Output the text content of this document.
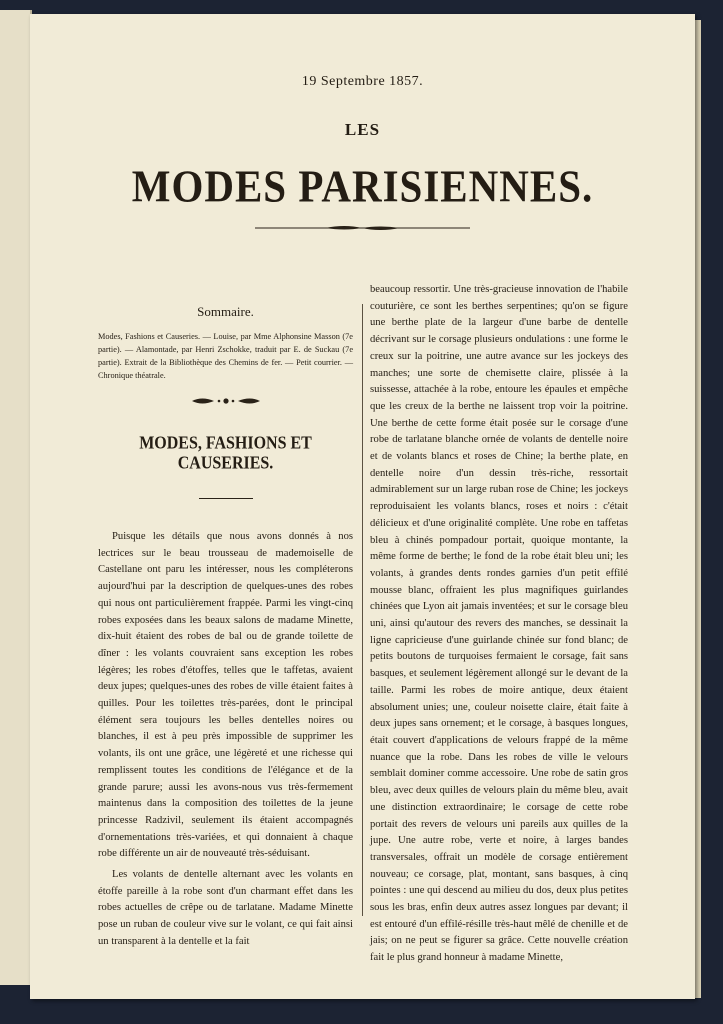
19 Septembre 1857.
LES
MODES PARISIENNES.
Sommaire.

Modes, Fashions et Causeries. — Louise, par Mme Alphonsine Masson (7e partie). — Alamontade, par Henri Zschokke, traduit par E. de Suckau (7e partie). Extrait de la Bibliothèque des Chemins de fer. — Petit courrier. — Chronique théatrale.

MODES, FASHIONS ET CAUSERIES.

Puisque les détails que nous avons donnés à nos lectrices sur le beau trousseau de mademoiselle de Castellane ont paru les intéresser, nous les compléterons aujourd'hui par la description de quelques-unes des robes qui nous ont particulièrement frappée. Parmi les vingt-cinq robes exposées dans les beaux salons de madame Minette, dix-huit étaient des robes de bal ou de grande toilette de dîner : les volants couvraient sans exception les robes légères; les robes d'étoffes, telles que le taffetas, avaient deux jupes; quelques-unes des robes de ville étaient faites à quilles. Pour les toilettes très-parées, dont le principal élément sera toujours les belles dentelles noires ou blanches, il est à peu près impossible de supprimer les volants, ils ont une grâce, une légèreté et une richesse qui remplissent toutes les conditions de l'élégance et de la grande parure; aussi les avons-nous vus très-fermement maintenus dans la composition des toilettes de la jeune princesse Radzivil, seulement ils étaient accompagnés d'ornementations très-variées, et qui donnaient à chaque robe différente un air de nouveauté très-séduisant.

Les volants de dentelle alternant avec les volants en étoffe pareille à la robe sont d'un charmant effet dans les robes actuelles de crêpe ou de tarlatane. Madame Minette pose un ruban de couleur vive sur le volant, ce qui fait ainsi un transparent à la dentelle et la fait

beaucoup ressortir. Une très-gracieuse innovation de l'habile couturière, ce sont les berthes serpentines; qu'on se figure une berthe plate de la largeur d'une barbe de dentelle décrivant sur le corsage plusieurs ondulations : une forme le creux sur la poitrine, une autre avance sur les jockeys des manches; une sorte de chemisette claire, plissée à la suissesse, attachée à la robe, entoure les épaules et empêche que les creux de la berthe ne laissent trop voir la poitrine. Une berthe de cette forme était posée sur le corsage d'une robe de tarlatane blanche ornée de volants de dentelle noire et de volants blancs et roses de Chine; la berthe plate, en dentelle noire d'un dessin très-riche, ressortait admirablement sur un large ruban rose de Chine; les jockeys reproduisaient les volants blancs, roses et noirs : c'était délicieux et d'une originalité complète. Une robe en taffetas bleu à chinés pompadour portait, quoique montante, la même forme de berthe; le fond de la robe était bleu uni; les volants, à grandes dents rondes garnies d'un petit effilé mousse blanc, offraient les plus magnifiques guirlandes chinées que Lyon ait jamais inventées; et sur le corsage bleu uni, ainsi qu'autour des revers des manches, se dessinait la ligne capricieuse d'une guirlande chinée sur fond blanc; de petits boutons de turquoises fermaient le corsage, fait sans basques, et seulement légèrement allongé sur le devant de la taille. Parmi les robes de moire antique, deux étaient absolument unies; une, couleur noisette claire, était faite à deux jupes sans ornement; et le corsage, à basques longues, était couvert d'applications de velours frappé de la même nuance que la robe. Dans les robes de ville le velours semblait dominer comme accessoire. Une robe de satin gros bleu, avec deux quilles de velours plain du même bleu, avait une distinction extraordinaire; le corsage de cette robe portait des revers de velours uni pareils aux quilles de la jupe. Une autre robe, verte et noire, à larges bandes transversales, offrait un modèle de corsage entièrement nouveau; ce corsage, plat, montant, sans basques, à cinq pointes : une qui descend au milieu du dos, deux plus petites sous les bras, enfin deux autres assez longues par devant; il est entouré d'un effilé-résille très-haut mêlé de chenille et de jais; on ne peut se figurer sa grâce. Cette nouvelle création fait le plus grand honneur à madame Minette,
